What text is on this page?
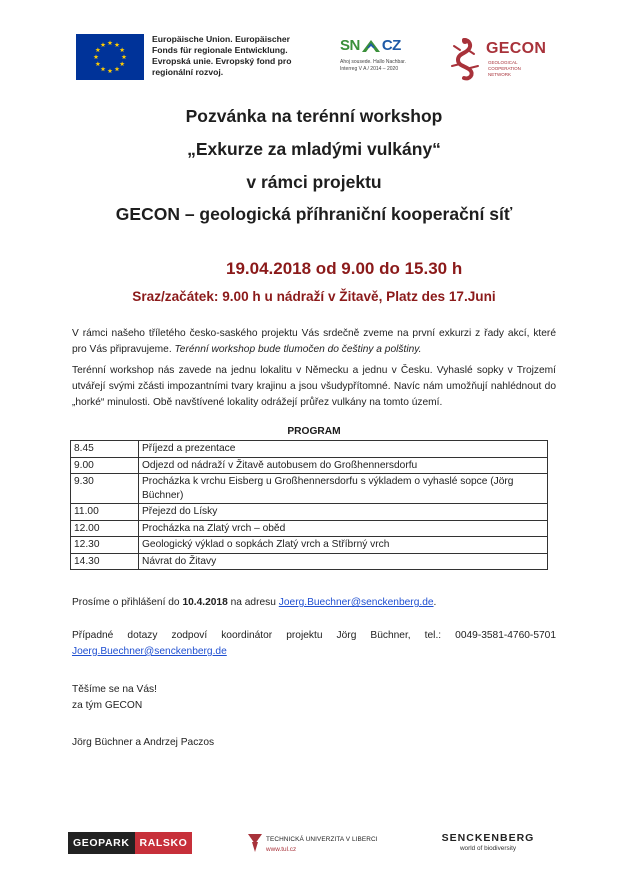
Europäische Union. Europäischer
Fonds für regionale Entwicklung.
Evropská unie. Evropský fond pro
regionální rozvoj.
SN CZ
Ahoj sousede. Hallo Nachbar.
Interreg V A / 2014 – 2020
GECON
GEOLOGICAL
COOPERATION
NETWORK
Pozvánka na terénní workshop
„Exkurze za mladými vulkány“
v rámci projektu
GECON – geologická příhraniční kooperační síť
19.04.2018 od 9.00 do 15.30 h
Sraz/začátek: 9.00 h u nádraží v Žitavě, Platz des 17.Juni
V rámci našeho tříletého česko-saského projektu Vás srdečně zveme na první exkurzi z řady akcí, které pro Vás připravujeme. Terénní workshop bude tlumočen do češtiny a polštiny.
Terénní workshop nás zavede na jednu lokalitu v Německu a jednu v Česku. Vyhaslé sopky v Trojzemí utvářejí svými zčásti impozantními tvary krajinu a jsou všudypřítomné. Navíc nám umožňují nahlédnout do „horké“ minulosti. Obě navštívené lokality odrážejí průřez vulkány na tomto území.
PROGRAM
8.45	Příjezd a prezentace
9.00	Odjezd od nádraží v Žitavě autobusem do Großhennersdorfu
9.30	Procházka k vrchu Eisberg u Großhennersdorfu s výkladem o vyhaslé sopce (Jörg Büchner)
11.00	Přejezd do Lísky
12.00	Procházka na Zlatý vrch – oběd
12.30	Geologický výklad o sopkách Zlatý vrch a Stříbrný vrch
14.30	Návrat do Žitavy
Prosíme o přihlášení do 10.4.2018 na adresu Joerg.Buechner@senckenberg.de.
Případné dotazy zodpoví koordinátor projektu Jörg Büchner, tel.: 0049-3581-4760-5701 Joerg.Buechner@senckenberg.de
Těšíme se na Vás!
za tým GECON
Jörg Büchner a Andrzej Paczos
GEOPARK RALSKO	TECHNICKÁ UNIVERZITA V LIBERCI
www.tul.cz
SENCKENBERG
world of biodiversity
